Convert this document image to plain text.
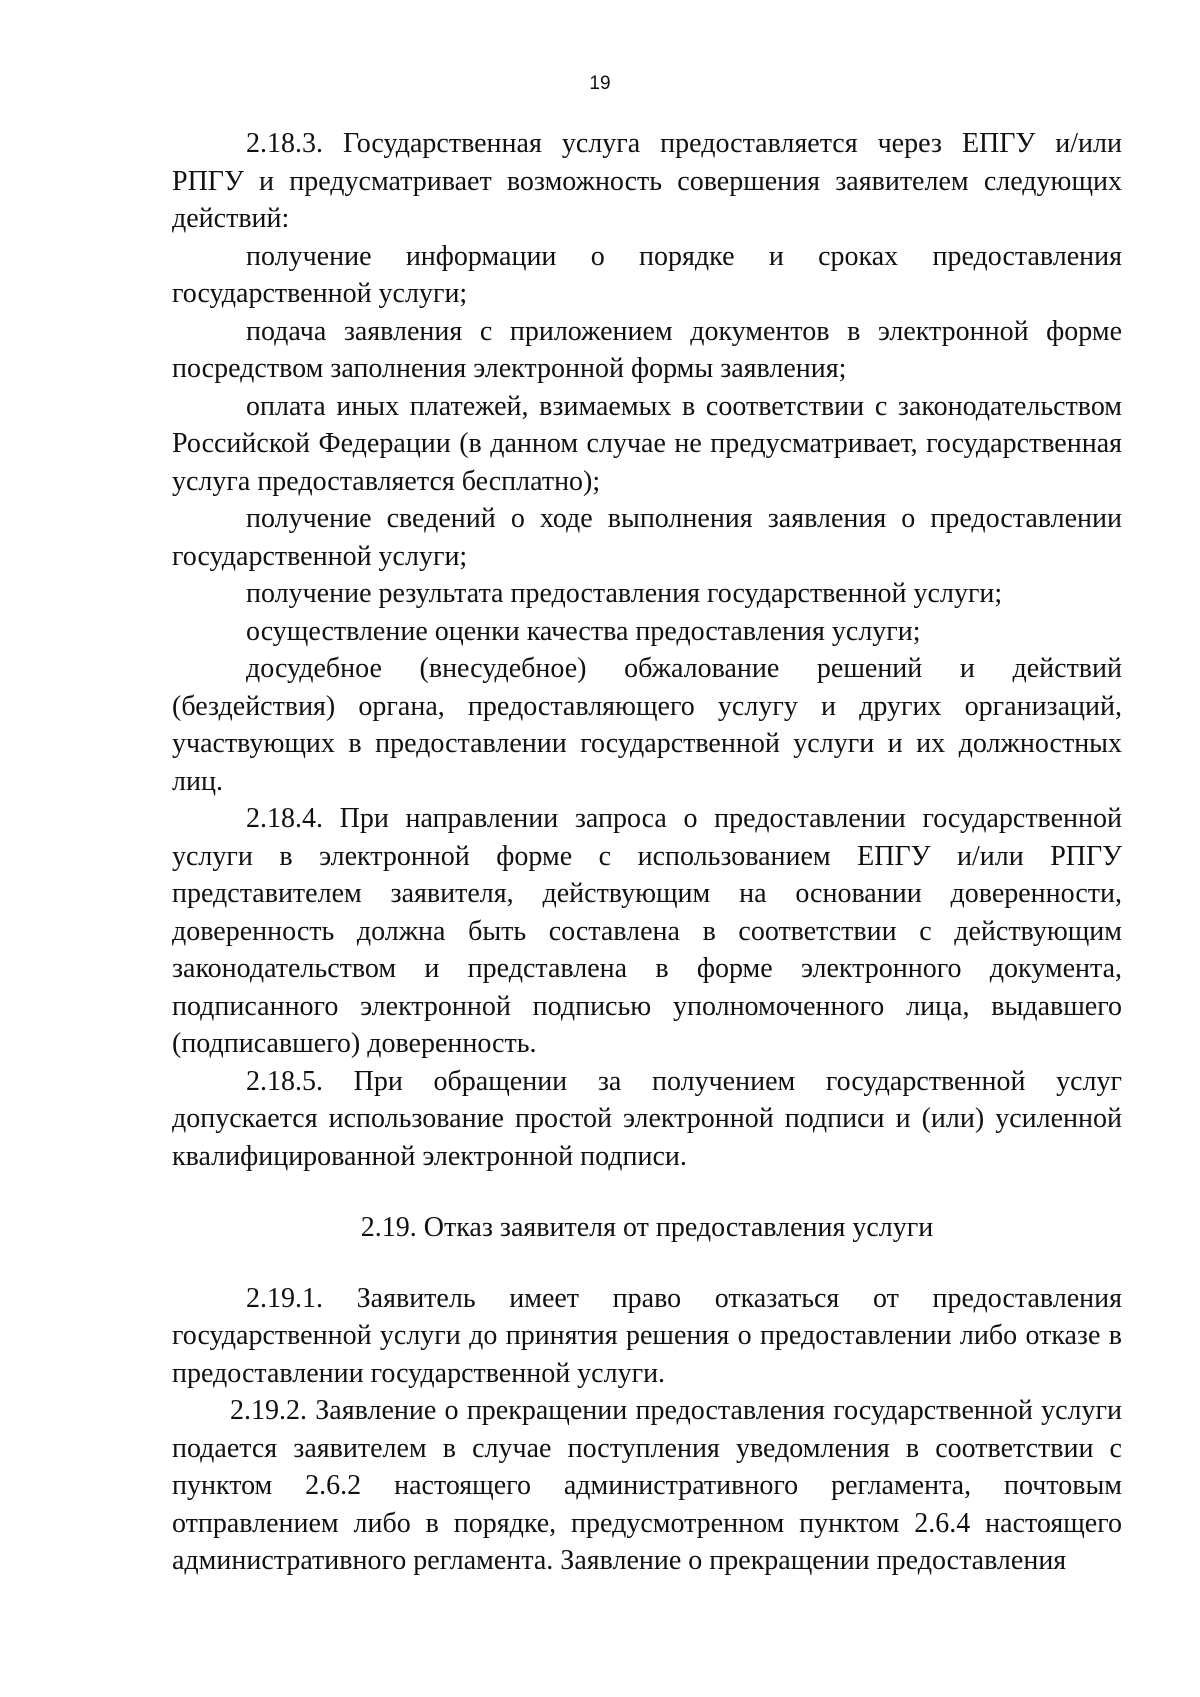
19

2.18.3. Государственная услуга предоставляется через ЕПГУ и/или РПГУ и предусматривает возможность совершения заявителем следующих действий:

получение информации о порядке и сроках предоставления государственной услуги;

подача заявления с приложением документов в электронной форме посредством заполнения электронной формы заявления;

оплата иных платежей, взимаемых в соответствии с законодательством Российской Федерации (в данном случае не предусматривает, государственная услуга предоставляется бесплатно);

получение сведений о ходе выполнения заявления о предоставлении государственной услуги;

получение результата предоставления государственной услуги;

осуществление оценки качества предоставления услуги;

досудебное (внесудебное) обжалование решений и действий (бездействия) органа, предоставляющего услугу и других организаций, участвующих в предоставлении государственной услуги и их должностных лиц.

2.18.4. При направлении запроса о предоставлении государственной услуги в электронной форме с использованием ЕПГУ и/или РПГУ представителем заявителя, действующим на основании доверенности, доверенность должна быть составлена в соответствии с действующим законодательством и представлена в форме электронного документа, подписанного электронной подписью уполномоченного лица, выдавшего (подписавшего) доверенность.

2.18.5. При обращении за получением государственной услуг допускается использование простой электронной подписи и (или) усиленной квалифицированной электронной подписи.

2.19. Отказ заявителя от предоставления услуги

2.19.1. Заявитель имеет право отказаться от предоставления государственной услуги до принятия решения о предоставлении либо отказе в предоставлении государственной услуги.

2.19.2. Заявление о прекращении предоставления государственной услуги подается заявителем в случае поступления уведомления в соответствии с пунктом 2.6.2 настоящего административного регламента, почтовым отправлением либо в порядке, предусмотренном пунктом 2.6.4 настоящего административного регламента. Заявление о прекращении предоставления
